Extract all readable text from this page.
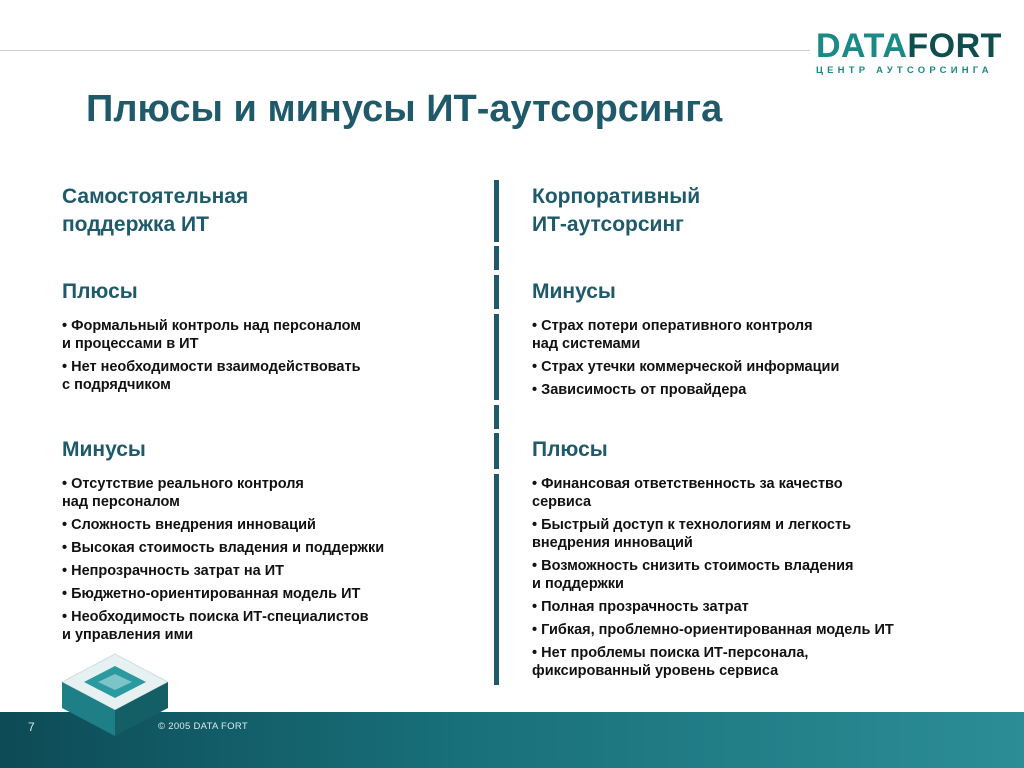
DATAFORT
ЦЕНТР АУТСОРСИНГА
Плюсы и минусы ИТ-аутсорсинга

Самостоятельная
поддержка ИТ

Плюсы

• Формальный контроль над персоналом
и процессами в ИТ
• Нет необходимости взаимодействовать
с подрядчиком

Минусы

• Отсутствие реального контроля
над персоналом
• Сложность внедрения инноваций
• Высокая стоимость владения и поддержки
• Непрозрачность затрат на ИТ
• Бюджетно-ориентированная модель ИТ
• Необходимость поиска ИТ-специалистов
и управления ими

Корпоративный
ИТ-аутсорсинг

Минусы

• Страх потери оперативного контроля
над системами
• Страх утечки коммерческой информации
• Зависимость от провайдера

Плюсы

• Финансовая ответственность за качество
сервиса
• Быстрый доступ к технологиям и легкость
внедрения инноваций
• Возможность снизить стоимость владения
и поддержки
• Полная прозрачность затрат
• Гибкая, проблемно-ориентированная модель ИТ
• Нет проблемы поиска ИТ-персонала,
фиксированный уровень сервиса
7	© 2005 DATA FORT
